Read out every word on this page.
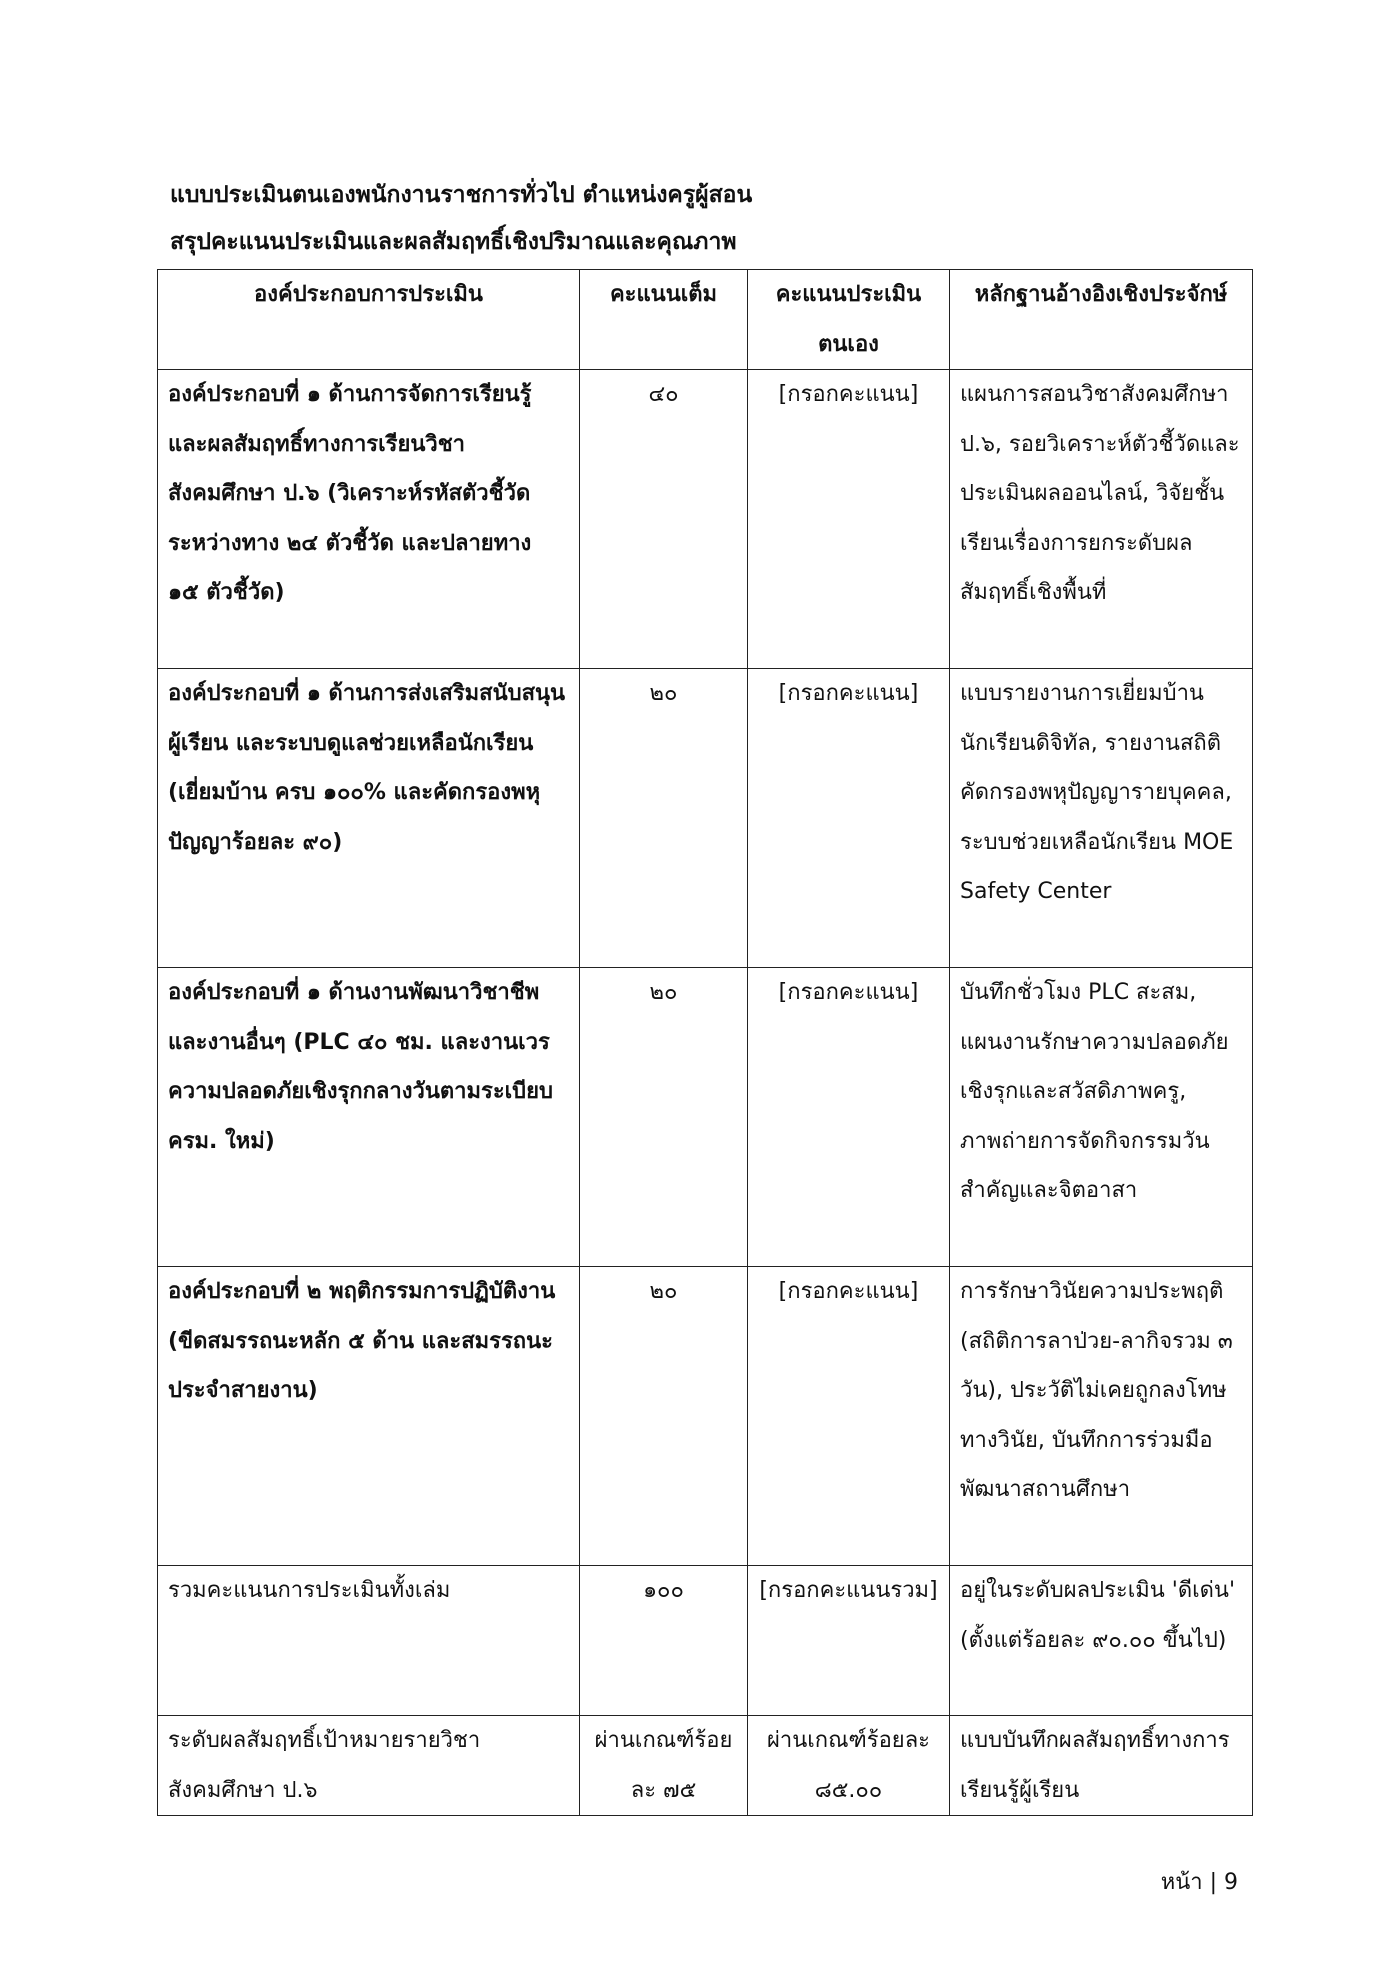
แบบประเมินตนเองพนักงานราชการทั่วไป ตำแหน่งครูผู้สอน
สรุปคะแนนประเมินและผลสัมฤทธิ์เชิงปริมาณและคุณภาพ
องค์ประกอบการประเมิน	คะแนนเต็ม	คะแนนประเมินตนเอง	หลักฐานอ้างอิงเชิงประจักษ์
องค์ประกอบที่ ๑ ด้านการจัดการเรียนรู้และผลสัมฤทธิ์ทางการเรียนวิชาสังคมศึกษา ป.๖ (วิเคราะห์รหัสตัวชี้วัดระหว่างทาง ๒๔ ตัวชี้วัด และปลายทาง ๑๕ ตัวชี้วัด)	๔๐	[กรอกคะแนน]	แผนการสอนวิชาสังคมศึกษา ป.๖, รอยวิเคราะห์ตัวชี้วัดและประเมินผลออนไลน์, วิจัยชั้นเรียนเรื่องการยกระดับผลสัมฤทธิ์เชิงพื้นที่
องค์ประกอบที่ ๑ ด้านการส่งเสริมสนับสนุนผู้เรียน และระบบดูแลช่วยเหลือนักเรียน (เยี่ยมบ้าน ครบ ๑๐๐% และคัดกรองพหุปัญญาร้อยละ ๙๐)	๒๐	[กรอกคะแนน]	แบบรายงานการเยี่ยมบ้านนักเรียนดิจิทัล, รายงานสถิติคัดกรองพหุปัญญารายบุคคล, ระบบช่วยเหลือนักเรียน MOE Safety Center
องค์ประกอบที่ ๑ ด้านงานพัฒนาวิชาชีพและงานอื่นๆ (PLC ๔๐ ชม. และงานเวรความปลอดภัยเชิงรุกกลางวันตามระเบียบ ครม. ใหม่)	๒๐	[กรอกคะแนน]	บันทึกชั่วโมง PLC สะสม, แผนงานรักษาความปลอดภัยเชิงรุกและสวัสดิภาพครู, ภาพถ่ายการจัดกิจกรรมวันสำคัญและจิตอาสา
องค์ประกอบที่ ๒ พฤติกรรมการปฏิบัติงาน (ขีดสมรรถนะหลัก ๕ ด้าน และสมรรถนะประจำสายงาน)	๒๐	[กรอกคะแนน]	การรักษาวินัยความประพฤติ (สถิติการลาป่วย-ลากิจรวม ๓ วัน), ประวัติไม่เคยถูกลงโทษทางวินัย, บันทึกการร่วมมือพัฒนาสถานศึกษา
รวมคะแนนการประเมินทั้งเล่ม	๑๐๐	[กรอกคะแนนรวม]	อยู่ในระดับผลประเมิน 'ดีเด่น' (ตั้งแต่ร้อยละ ๙๐.๐๐ ขึ้นไป)
ระดับผลสัมฤทธิ์เป้าหมายรายวิชาสังคมศึกษา ป.๖	ผ่านเกณฑ์ร้อยละ ๗๕	ผ่านเกณฑ์ร้อยละ ๘๕.๐๐	แบบบันทึกผลสัมฤทธิ์ทางการเรียนรู้ผู้เรียน
หน้า | 9
